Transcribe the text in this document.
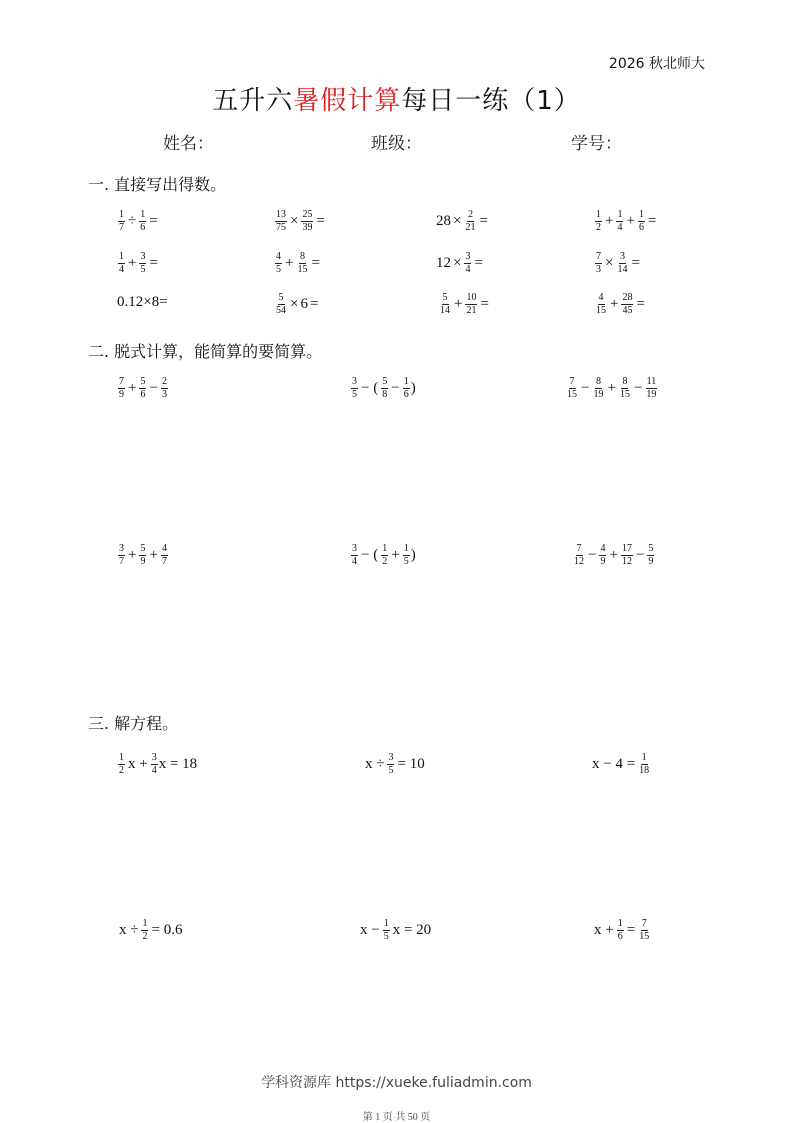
2026 秋北师大
五升六暑假计算每日一练（1）
姓名：	班级：	学号：
一. 直接写出得数。
二. 脱式计算，能简算的要简算。
三. 解方程。
$\frac{1}{7} \div \frac{1}{6}$ =	$\frac{13}{75} \times \frac{25}{39}$ =	$28 \times \frac{2}{21}$ =	$\frac{1}{2} + \frac{1}{4} + \frac{1}{6}$ =
$\frac{1}{4} + \frac{3}{5}$ =	$\frac{4}{5} + \frac{8}{15}$ =	$12 \times \frac{3}{4}$ =	$\frac{7}{3} \times \frac{3}{14}$ =
0.12×8=	$\frac{5}{54} \times 6$ =	$\frac{5}{14} + \frac{10}{21}$ =	$\frac{4}{15} + \frac{28}{45}$ =
$\frac{7}{9} + \frac{5}{6} - \frac{2}{3}$	$\frac{3}{5}$ − ( $\frac{5}{8} - \frac{1}{6}$ )	$\frac{7}{15} - \frac{8}{19} + \frac{8}{15} - \frac{11}{19}$
$\frac{3}{7} + \frac{5}{9} + \frac{4}{7}$	$\frac{3}{4}$ − ( $\frac{1}{2} + \frac{1}{5}$ )	$\frac{7}{12} - \frac{4}{9} + \frac{17}{12} - \frac{5}{9}$
$\frac{1}{2}$ $x + \frac{3}{4}$ x = 18	$x \div \frac{3}{5} = 10$	$x - 4 = \frac{1}{18}$
$x \div \frac{1}{2} = 0.6$	$x - \frac{1}{5}$ x = 20	$x + \frac{1}{6} = \frac{7}{15}$
学科资源库 https://xueke.fuliadmin.com
第 1 页 共 50 页
